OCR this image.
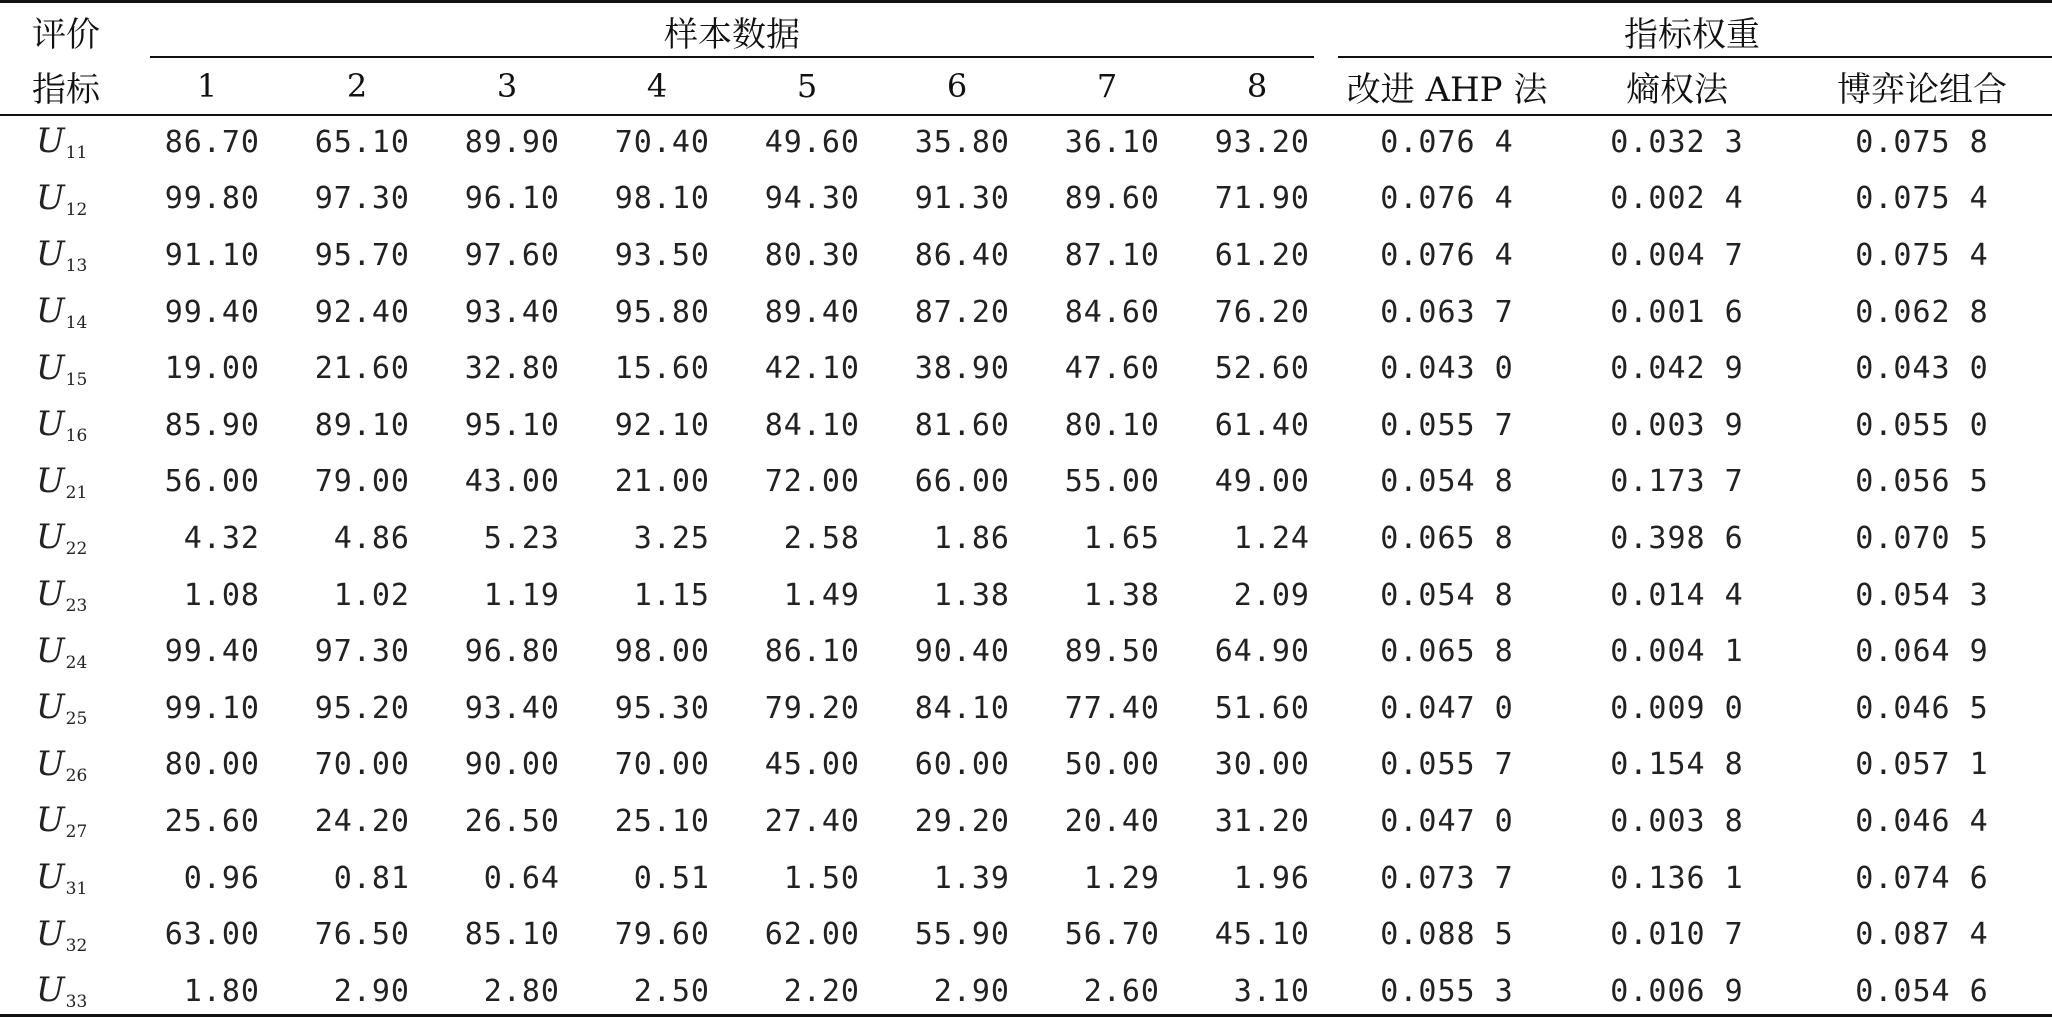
评价	样本数据								指标权重		
指标	1	2	3	4	5	6	7	8	改进 AHP 法	熵权法	博弈论组合
$U_{11}$	86.70	65.10	89.90	70.40	49.60	35.80	36.10	93.20	0.076 4	0.032 3	0.075 8
$U_{12}$	99.80	97.30	96.10	98.10	94.30	91.30	89.60	71.90	0.076 4	0.002 4	0.075 4
$U_{13}$	91.10	95.70	97.60	93.50	80.30	86.40	87.10	61.20	0.076 4	0.004 7	0.075 4
$U_{14}$	99.40	92.40	93.40	95.80	89.40	87.20	84.60	76.20	0.063 7	0.001 6	0.062 8
$U_{15}$	19.00	21.60	32.80	15.60	42.10	38.90	47.60	52.60	0.043 0	0.042 9	0.043 0
$U_{16}$	85.90	89.10	95.10	92.10	84.10	81.60	80.10	61.40	0.055 7	0.003 9	0.055 0
$U_{21}$	56.00	79.00	43.00	21.00	72.00	66.00	55.00	49.00	0.054 8	0.173 7	0.056 5
$U_{22}$	4.32	4.86	5.23	3.25	2.58	1.86	1.65	1.24	0.065 8	0.398 6	0.070 5
$U_{23}$	1.08	1.02	1.19	1.15	1.49	1.38	1.38	2.09	0.054 8	0.014 4	0.054 3
$U_{24}$	99.40	97.30	96.80	98.00	86.10	90.40	89.50	64.90	0.065 8	0.004 1	0.064 9
$U_{25}$	99.10	95.20	93.40	95.30	79.20	84.10	77.40	51.60	0.047 0	0.009 0	0.046 5
$U_{26}$	80.00	70.00	90.00	70.00	45.00	60.00	50.00	30.00	0.055 7	0.154 8	0.057 1
$U_{27}$	25.60	24.20	26.50	25.10	27.40	29.20	20.40	31.20	0.047 0	0.003 8	0.046 4
$U_{31}$	0.96	0.81	0.64	0.51	1.50	1.39	1.29	1.96	0.073 7	0.136 1	0.074 6
$U_{32}$	63.00	76.50	85.10	79.60	62.00	55.90	56.70	45.10	0.088 5	0.010 7	0.087 4
$U_{33}$	1.80	2.90	2.80	2.50	2.20	2.90	2.60	3.10	0.055 3	0.006 9	0.054 6
